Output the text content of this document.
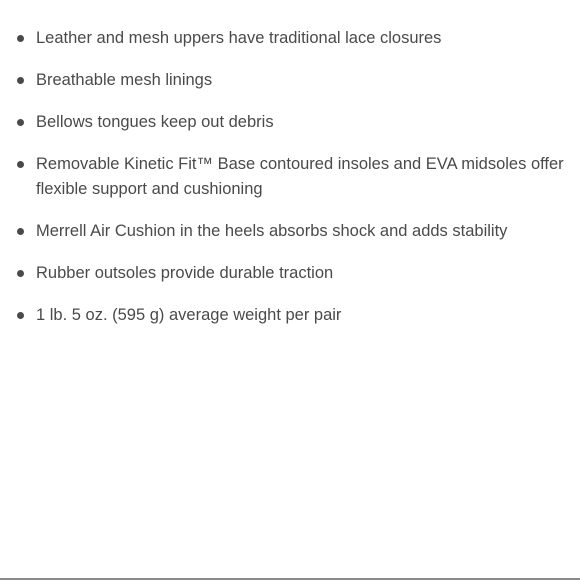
Leather and mesh uppers have traditional lace closures
Breathable mesh linings
Bellows tongues keep out debris
Removable Kinetic Fit™ Base contoured insoles and EVA midsoles offer flexible support and cushioning
Merrell Air Cushion in the heels absorbs shock and adds stability
Rubber outsoles provide durable traction
1 lb. 5 oz. (595 g) average weight per pair
